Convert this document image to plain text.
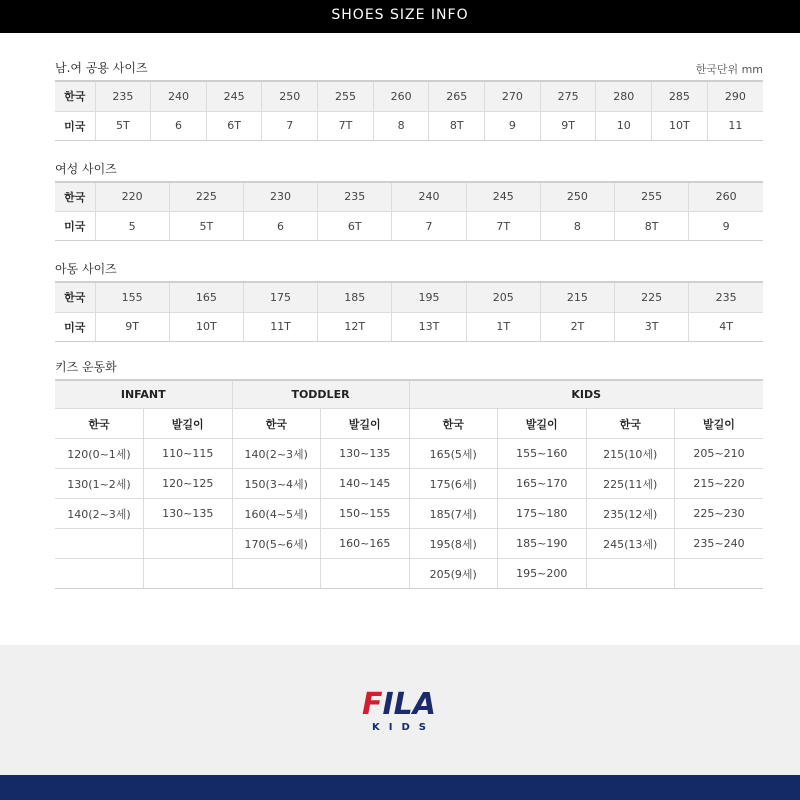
SHOES SIZE INFO
남.여 공용 사이즈	한국단위 mm
한국	235	240	245	250	255	260	265	270	275	280	285	290
미국	5T	6	6T	7	7T	8	8T	9	9T	10	10T	11
여성 사이즈
한국	220	225	230	235	240	245	250	255	260
미국	5	5T	6	6T	7	7T	8	8T	9
아동 사이즈
한국	155	165	175	185	195	205	215	225	235
미국	9T	10T	11T	12T	13T	1T	2T	3T	4T
키즈 운동화
INFANT		TODDLER		KIDS			
한국	발길이	한국	발길이	한국	발길이	한국	발길이
120(0~1세)	110~115	140(2~3세)	130~135	165(5세)	155~160	215(10세)	205~210
130(1~2세)	120~125	150(3~4세)	140~145	175(6세)	165~170	225(11세)	215~220
140(2~3세)	130~135	160(4~5세)	150~155	185(7세)	175~180	235(12세)	225~230
		170(5~6세)	160~165	195(8세)	185~190	245(13세)	235~240
				205(9세)	195~200		
FILA
KIDS
